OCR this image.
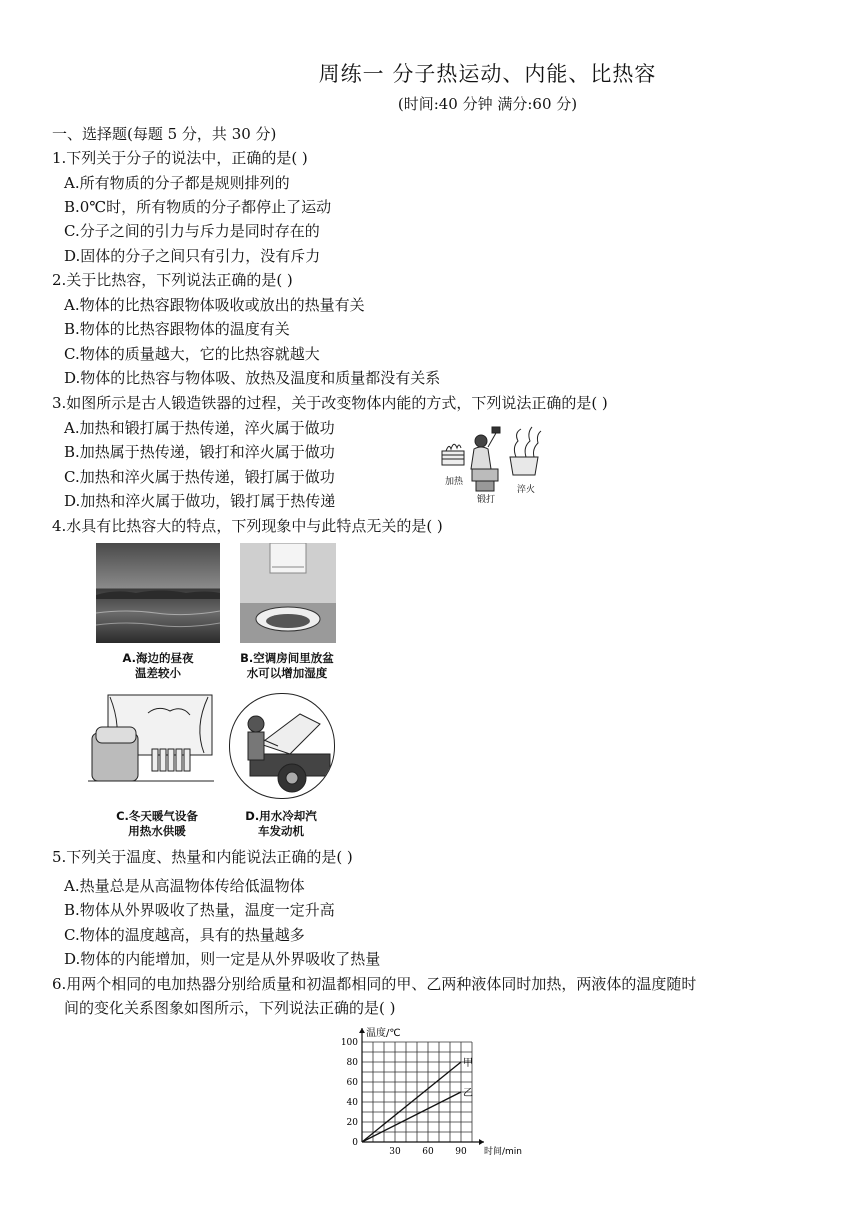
周练一 分子热运动、内能、比热容
(时间:40 分钟 满分:60 分)
一、选择题(每题 5 分，共 30 分)
1.下列关于分子的说法中，正确的是( )
A.所有物质的分子都是规则排列的
B.0℃时，所有物质的分子都停止了运动
C.分子之间的引力与斥力是同时存在的
D.固体的分子之间只有引力，没有斥力
2.关于比热容，下列说法正确的是( )
A.物体的比热容跟物体吸收或放出的热量有关
B.物体的比热容跟物体的温度有关
C.物体的质量越大，它的比热容就越大
D.物体的比热容与物体吸、放热及温度和质量都没有关系
3.如图所示是古人锻造铁器的过程，关于改变物体内能的方式，下列说法正确的是( )
A.加热和锻打属于热传递，淬火属于做功
B.加热属于热传递，锻打和淬火属于做功
C.加热和淬火属于热传递，锻打属于做功
D.加热和淬火属于做功，锻打属于热传递
加热
锻打
淬火
4.水具有比热容大的特点，下列现象中与此特点无关的是( )
A.海边的昼夜
温差较小
B.空调房间里放盆
水可以增加湿度
C.冬天暖气设备
用热水供暖
D.用水冷却汽
车发动机
5.下列关于温度、热量和内能说法正确的是( )
A.热量总是从高温物体传给低温物体
B.物体从外界吸收了热量，温度一定升高
C.物体的温度越高，具有的热量越多
D.物体的内能增加，则一定是从外界吸收了热量
6.用两个相同的电加热器分别给质量和初温都相同的甲、乙两种液体同时加热，两液体的温度随时
间的变化关系图象如图所示，下列说法正确的是( )
0
20
40
60
80
100
30 60 90
温度/℃
时间/min
甲
乙
